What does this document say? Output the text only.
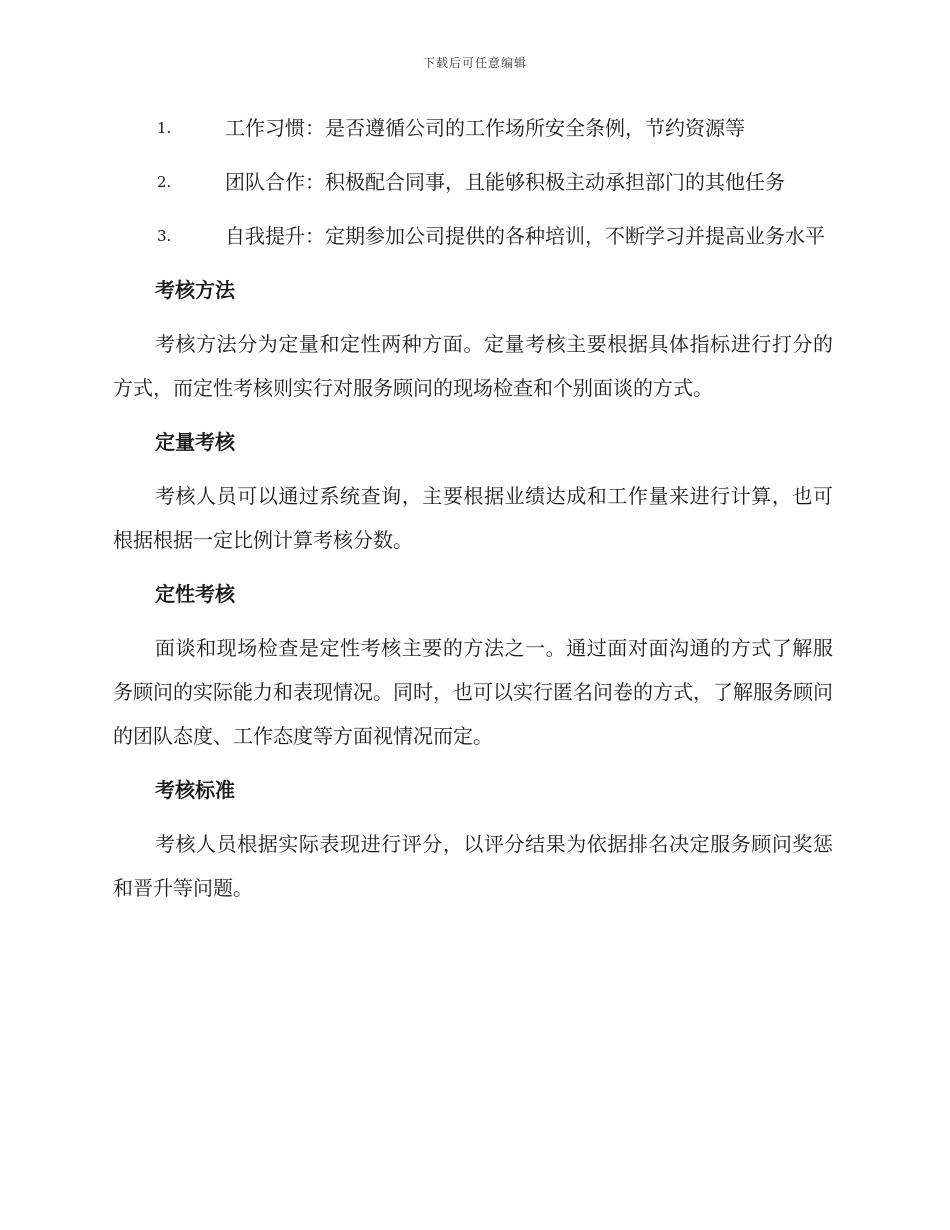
下载后可任意编辑

1.	工作习惯：是否遵循公司的工作场所安全条例，节约资源等

2.	团队合作：积极配合同事，且能够积极主动承担部门的其他任务

3.	自我提升：定期参加公司提供的各种培训，不断学习并提高业务水平

考核方法

考核方法分为定量和定性两种方面。定量考核主要根据具体指标进行打分的方式，而定性考核则实行对服务顾问的现场检查和个别面谈的方式。

定量考核

考核人员可以通过系统查询，主要根据业绩达成和工作量来进行计算，也可根据根据一定比例计算考核分数。

定性考核

面谈和现场检查是定性考核主要的方法之一。通过面对面沟通的方式了解服务顾问的实际能力和表现情况。同时，也可以实行匿名问卷的方式，了解服务顾问的团队态度、工作态度等方面视情况而定。

考核标准

考核人员根据实际表现进行评分，以评分结果为依据排名决定服务顾问奖惩和晋升等问题。
